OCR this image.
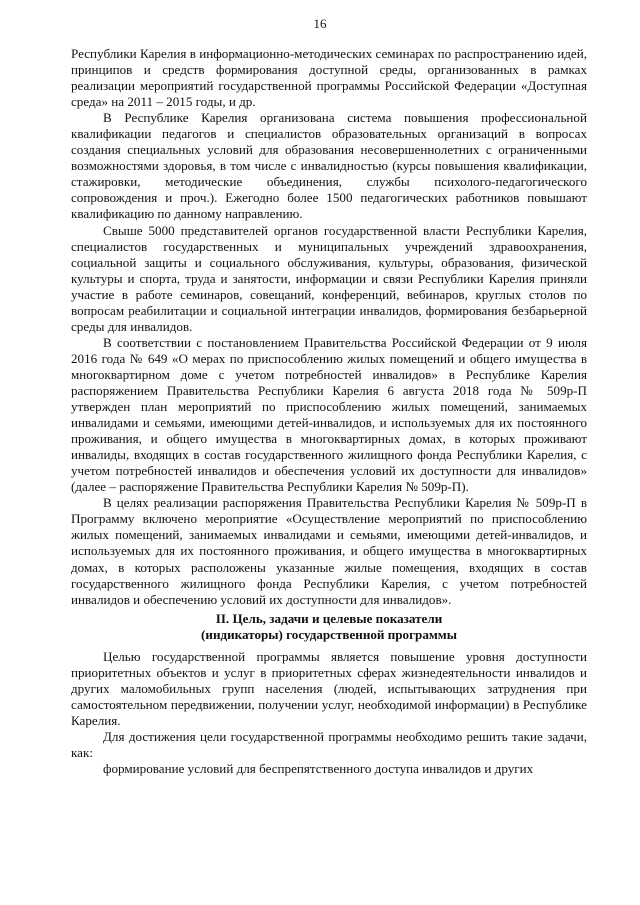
16

Республики Карелия в информационно-методических семинарах по распространению идей, принципов и средств формирования доступной среды, организованных в рамках реализации мероприятий государственной программы Российской Федерации «Доступная среда» на 2011 – 2015 годы, и др.

В Республике Карелия организована система повышения профессиональной квалификации педагогов и специалистов образовательных организаций в вопросах создания специальных условий для образования несовершеннолетних с ограниченными возможностями здоровья, в том числе с инвалидностью (курсы повышения квалификации, стажировки, методические объединения, службы психолого-педагогического сопровождения и проч.). Ежегодно более 1500 педагогических работников повышают квалификацию по данному направлению.

Свыше 5000 представителей органов государственной власти Республики Карелия, специалистов государственных и муниципальных учреждений здравоохранения, социальной защиты и социального обслуживания, культуры, образования, физической культуры и спорта, труда и занятости, информации и связи Республики Карелия приняли участие в работе семинаров, совещаний, конференций, вебинаров, круглых столов по вопросам реабилитации и социальной интеграции инвалидов, формирования безбарьерной среды для инвалидов.

В соответствии с постановлением Правительства Российской Федерации от 9 июля 2016 года № 649 «О мерах по приспособлению жилых помещений и общего имущества в многоквартирном доме с учетом потребностей инвалидов» в Республике Карелия распоряжением Правительства Республики Карелия 6 августа 2018 года № 509р-П утвержден план мероприятий по приспособлению жилых помещений, занимаемых инвалидами и семьями, имеющими детей-инвалидов, и используемых для их постоянного проживания, и общего имущества в многоквартирных домах, в которых проживают инвалиды, входящих в состав государственного жилищного фонда Республики Карелия, с учетом потребностей инвалидов и обеспечения условий их доступности для инвалидов» (далее – распоряжение Правительства Республики Карелия № 509р-П).

В целях реализации распоряжения Правительства Республики Карелия № 509р-П в Программу включено мероприятие «Осуществление мероприятий по приспособлению жилых помещений, занимаемых инвалидами и семьями, имеющими детей-инвалидов, и используемых для их постоянного проживания, и общего имущества в многоквартирных домах, в которых расположены указанные жилые помещения, входящих в состав государственного жилищного фонда Республики Карелия, с учетом потребностей инвалидов и обеспечению условий их доступности для инвалидов».

II. Цель, задачи и целевые показатели
(индикаторы) государственной программы

Целью государственной программы является повышение уровня доступности приоритетных объектов и услуг в приоритетных сферах жизнедеятельности инвалидов и других маломобильных групп населения (людей, испытывающих затруднения при самостоятельном передвижении, получении услуг, необходимой информации) в Республике Карелия.

Для достижения цели государственной программы необходимо решить такие задачи, как:

формирование условий для беспрепятственного доступа инвалидов и других
